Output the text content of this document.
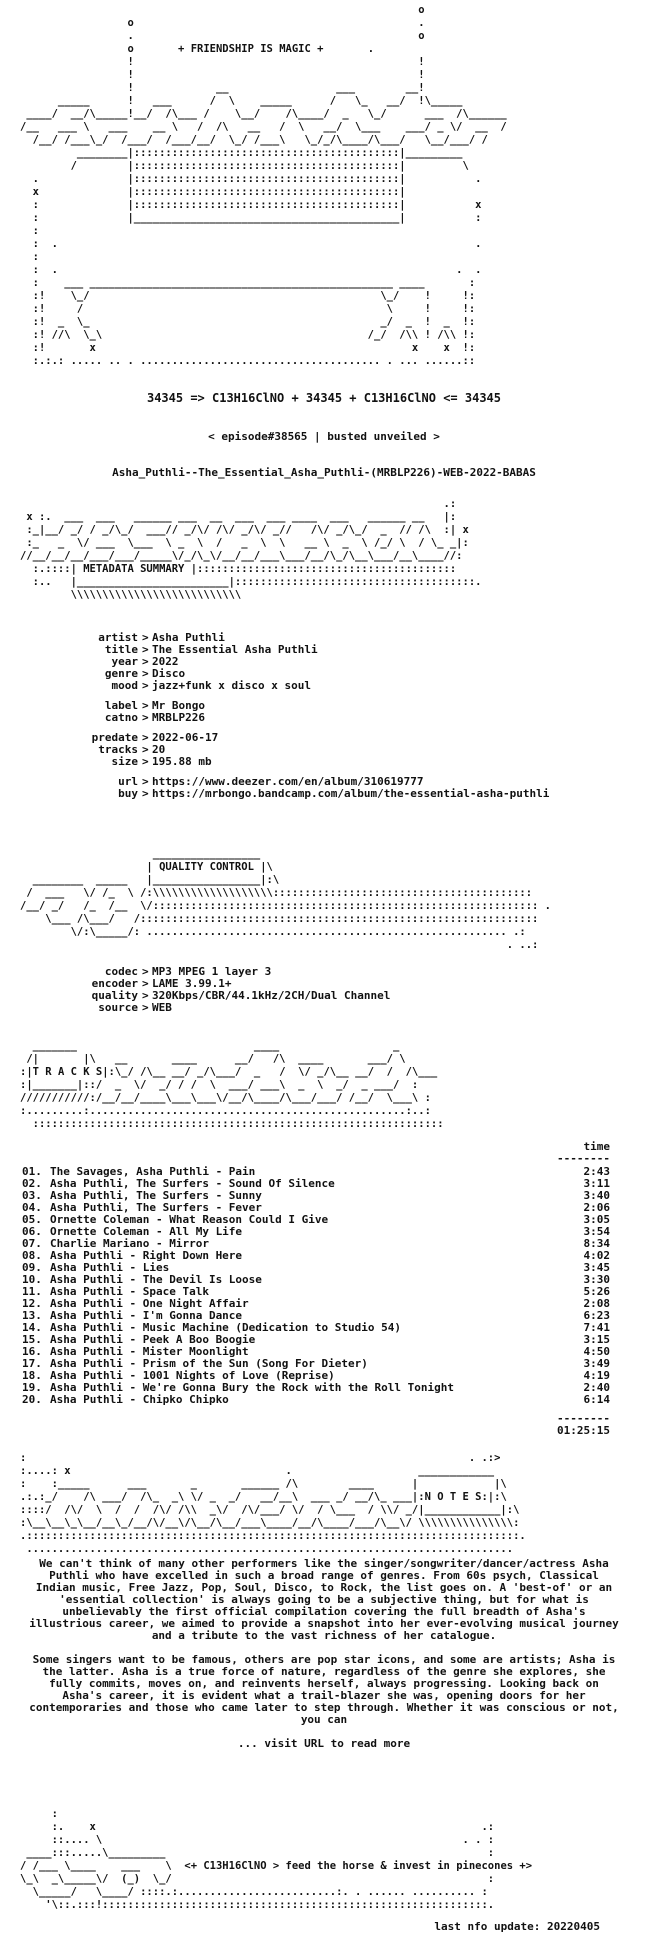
o
o                                             .
.                                             o
o	+ FRIENDSHIP IS MAGIC +	.
!                                             !
!                                             !
!             __                 ___        __!
_____      !   ___      /  \    _____      /   \_   __/  !\_____
____/  __/\_____!__/  /\___ /    \__/    /\____/  _   \_/      ___  /\______
/__   ___ \   ___    __ \   /  /\   __   /  \   __/  \___    ___/ _ \/  __  /
/__/ /___\_/  /___/  /___/__/  \_/ /___\   \_/_/\____/\___/   \__/___/ /
________|::::::::::::::::::::::::::::::::::::::::::|_________
/        |::::::::::::::::::::::::::::::::::::::::::|         \
.              |::::::::::::::::::::::::::::::::::::::::::|           .
x              |::::::::::::::::::::::::::::::::::::::::::|
:              |::::::::::::::::::::::::::::::::::::::::::|           x
:              |__________________________________________|           :
:
:  .                                                                  .
:
:  .                                                               .  .
:    ___ ________________________________________________ ____       :
:!    \_/                                              \_/    !     !:
:!     /                                                \     !     !:
:!  _  \_                                              _/  _  !  _  !:
:! //\  \_\                                          /_/  /\\ ! /\\ !:
:!       x                                                  x    x  !:
:.:.: ..... .. . ...................................... . ... ......::

34345 => C13H16ClNO + 34345 + C13H16ClNO <= 34345
< episode#38565 | busted unveiled >
Asha_Puthli--The_Essential_Asha_Puthli-(MRBLP226)-WEB-2022-BABAS
.:
x :.  ___  ___   ______ ___  __  ___  ___ ____  ___   ______ __   |:
:_|__/ _/ / _/\_/  ___// _/\/ /\/ _/\/ _//   /\/ _/\_/  _  // /\  :| x
:_   _  \/ ___  \___  \ _  \  /   _  \  \   __ \  _  \ /_/ \  / \_ _|:
//__/__/__/___/___/_____\/_/\_\/__/__/___\___/__/\_/\__\___/__\____//:
:.::::| METADATA SUMMARY |:::::::::::::::::::::::::::::::::::::::::
:..   |________________________|::::::::::::::::::::::::::::::::::::::.
\\\\\\\\\\\\\\\\\\\\\\\\\\\

artist > Asha Puthli
title > The Essential Asha Puthli
year > 2022
genre > Disco
mood > jazz+funk x disco x soul
label > Mr Bongo
catno > MRBLP226
predate > 2022-06-17
tracks > 20
size > 195.88 mb
url > https://www.deezer.com/en/album/310619777
buy > https://mrbongo.bandcamp.com/album/the-essential-asha-puthli
_________________
| QUALITY CONTROL |\
________  _____   |_________________|:\
/  ___   \/ /_  \ /:\\\\\\\\\\\\\\\\\\\:::::::::::::::::::::::::::::::::::::::::
/__/ _/   /_  /__  \/::::::::::::::::::::::::::::::::::::::::::::::::::::::::::::: .
\___ /\___/   /:::::::::::::::::::::::::::::::::::::::::::::::::::::::::::::::
\/:\_____/: ......................................................... .:
. ..:

codec > MP3 MPEG 1 layer 3
encoder > LAME 3.99.1+
quality > 320Kbps/CBR/44.1kHz/2CH/Dual Channel
source > WEB
_______                            ____                  _
/|       |\   __       ____      __/   /\  ____       ___/ \
:|T R A C K S|:\_/ /\__ __/ _/\___/  _   /  \/ _/\__ __/  /  /\___
:|_______|::/  _  \/  _/ / /  \  ___/ ___\  _  \  _/  _ ___/  :
///////////:/__/__/____\___\___\/__/\____/\___/___/ /__/  \___\ :
:.........:..................................................:..:
:::::::::::::::::::::::::::::::::::::::::::::::::::::::::::::::::

time
--------
01. The Savages, Asha Puthli - Pain	2:43
02. Asha Puthli, The Surfers - Sound Of Silence	3:11
03. Asha Puthli, The Surfers - Sunny	3:40
04. Asha Puthli, The Surfers - Fever	2:06
05. Ornette Coleman - What Reason Could I Give	3:05
06. Ornette Coleman - All My Life	3:54
07. Charlie Mariano - Mirror	8:34
08. Asha Puthli - Right Down Here	4:02
09. Asha Puthli - Lies	3:45
10. Asha Puthli - The Devil Is Loose	3:30
11. Asha Puthli - Space Talk	5:26
12. Asha Puthli - One Night Affair	2:08
13. Asha Puthli - I'm Gonna Dance	6:23
14. Asha Puthli - Music Machine (Dedication to Studio 54)	7:41
15. Asha Puthli - Peek A Boo Boogie	3:15
16. Asha Puthli - Mister Moonlight	4:50
17. Asha Puthli - Prism of the Sun (Song For Dieter)	3:49
18. Asha Puthli - 1001 Nights of Love (Reprise)	4:19
19. Asha Puthli - We're Gonna Bury the Rock with the Roll Tonight	2:40
20. Asha Puthli - Chipko Chipko	6:14
--------
01:25:15
:                                                                      . .:>
:....: x                                  .                    ____________
:    :_____      ___       _       ______ /\        ____      |            |\
.:.:_/    /\ ___/  /\_  _\ \/ _  _/   __/__\  ___ _/ __/\_ ___|:N O T E S:|:\
::::/  /\/  \  /  /  /\/ /\\  _\/  /\/___/ \/  / \___  / \\/ _/|____________|:\
:\__\__\_\__/__\_/__/\/__\/\__/\__/___\____/__/\____/___/\__\/ \\\\\\\\\\\\\\\:
.::::::::::::::::::::::::::::::::::::::::::::::::::::::::::::::::::::::::::::::.
.............................................................................

We can't think of many other performers like the singer/songwriter/dancer/actress Asha Puthli who have excelled in such a broad range of genres. From 60s psych, Classical Indian music, Free Jazz, Pop, Soul, Disco, to Rock, the list goes on. A 'best-of' or an 'essential collection' is always going to be a subjective thing, but for what is unbelievably the first official compilation covering the full breadth of Asha's illustrious career, we aimed to provide a snapshot into her ever-evolving musical journey and a tribute to the vast richness of her catalogue.

Some singers want to be famous, others are pop star icons, and some are artists; Asha is the latter. Asha is a true force of nature, regardless of the genre she explores, she fully commits, moves on, and reinvents herself, always progressing. Looking back on Asha's career, it is evident what a trail-blazer she was, opening doors for her contemporaries and those who came later to step through. Whether it was conscious or not, you can

... visit URL to read more

:
:.    x                                                             .:
::.... \                                                         . . :
____:::.....\_________                                                   :
/ /___ \____    ___    \  <+ C13H16ClNO > feed the horse & invest in pinecones +>
\_\  _\_____\/  (_)  \_/                                                  :
\_____/   \____/ ::::.:.........................:. . ...... .......... :
'\::.:::!:::::::::::::::::::::::::::::::::::::::::::::::::::::::::::::.

last nfo update: 20220405
